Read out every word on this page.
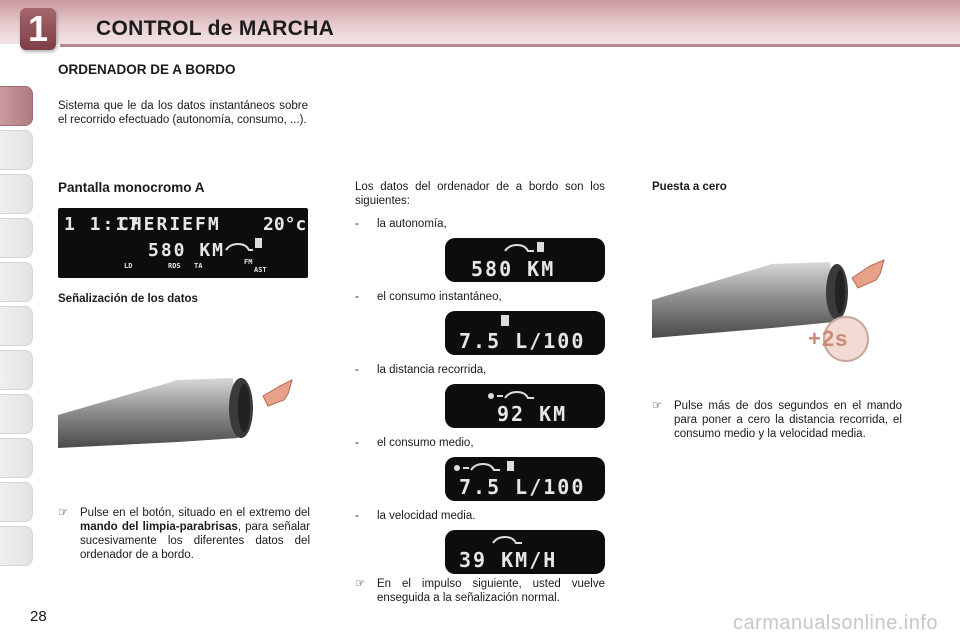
1	CONTROL de MARCHA
ORDENADOR DE A BORDO
Sistema que le da los datos instantáneos sobre el recorrido efectuado (autonomía, consumo, ...).
Pantalla monocromo A
1 1:17
CHERIEFM 20°c
580 KM
LD	RDS TA	FM
AST
Señalización de los datos
☞ Pulse en el botón, situado en el extremo del mando del limpia-parabrisas, para señalar sucesivamente los diferentes datos del ordenador de a bordo.
Los datos del ordenador de a bordo son los siguientes:
- la autonomía,
580 KM
- el consumo instantáneo,
7.5 L/100
- la distancia recorrida,
92 KM
- el consumo medio,
7.5 L/100
- la velocidad media.
39 KM/H
☞ En el impulso siguiente, usted vuelve enseguida a la señalización normal.
Puesta a cero
+2s
☞ Pulse más de dos segundos en el mando para poner a cero la distancia recorrida, el consumo medio y la velocidad media.
28	carmanualsonline.info
